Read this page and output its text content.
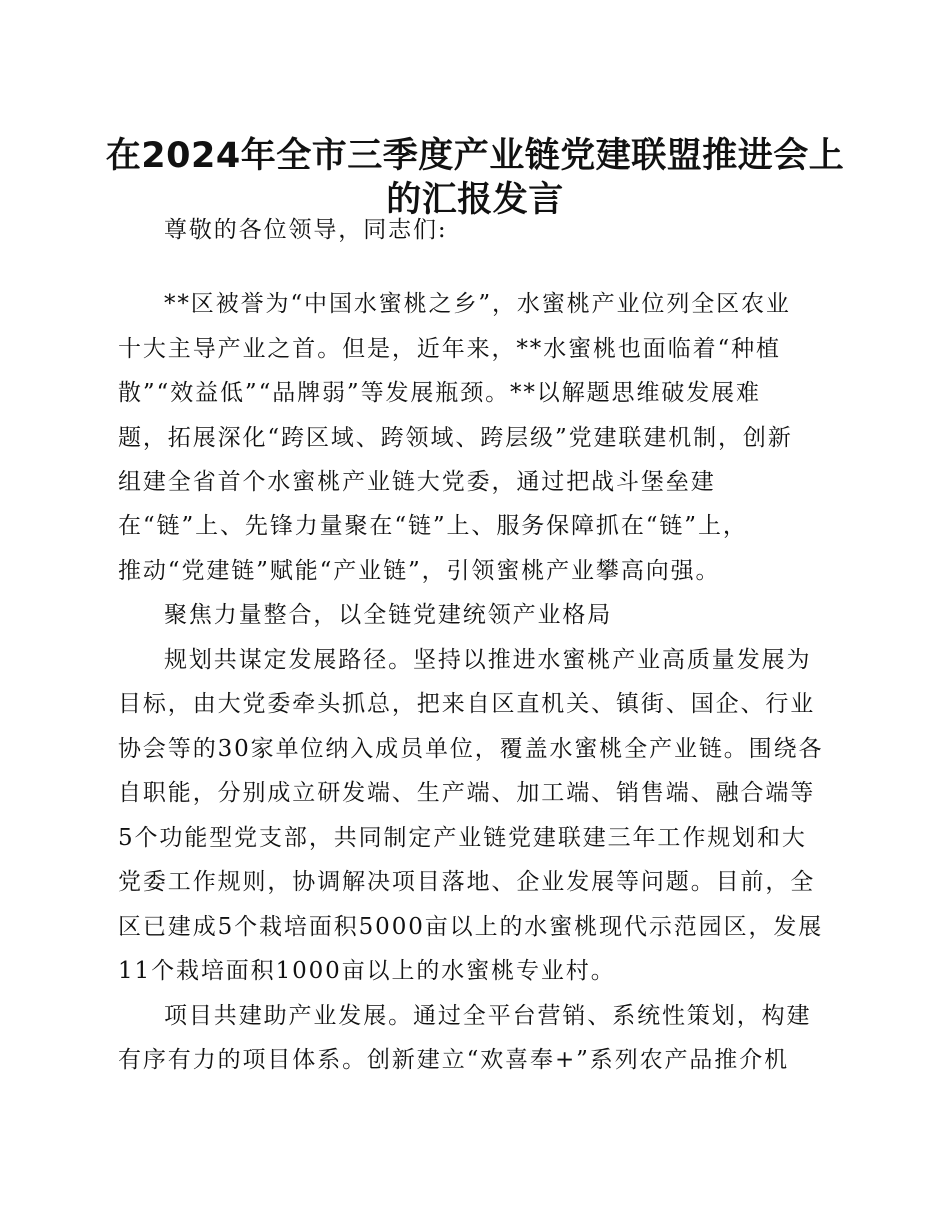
在2024年全市三季度产业链党建联盟推进会上
的汇报发言
尊敬的各位领导，同志们:
**区被誉为“中国水蜜桃之乡”，水蜜桃产业位列全区农业
十大主导产业之首。但是，近年来，**水蜜桃也面临着“种植
散”“效益低”“品牌弱”等发展瓶颈。**以解题思维破发展难
题，拓展深化“跨区域、跨领域、跨层级”党建联建机制，创新
组建全省首个水蜜桃产业链大党委，通过把战斗堡垒建
在“链”上、先锋力量聚在“链”上、服务保障抓在“链”上，
推动“党建链”赋能“产业链”，引领蜜桃产业攀高向强。
聚焦力量整合，以全链党建统领产业格局
规划共谋定发展路径。坚持以推进水蜜桃产业高质量发展为
目标，由大党委牵头抓总，把来自区直机关、镇街、国企、行业
协会等的30家单位纳入成员单位，覆盖水蜜桃全产业链。围绕各
自职能，分别成立研发端、生产端、加工端、销售端、融合端等
5个功能型党支部，共同制定产业链党建联建三年工作规划和大
党委工作规则，协调解决项目落地、企业发展等问题。目前，全
区已建成5个栽培面积5000亩以上的水蜜桃现代示范园区，发展
11个栽培面积1000亩以上的水蜜桃专业村。
项目共建助产业发展。通过全平台营销、系统性策划，构建
有序有力的项目体系。创新建立“欢喜奉+”系列农产品推介机
